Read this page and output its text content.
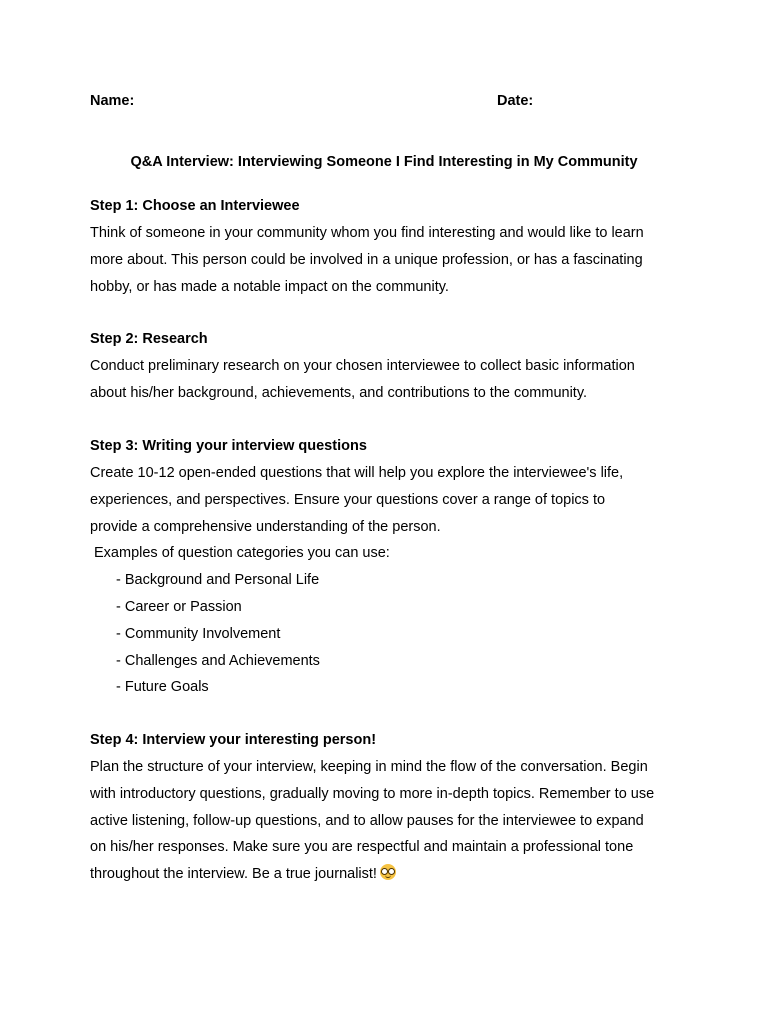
Name:	Date:
Q&A Interview: Interviewing Someone I Find Interesting in My Community
Step 1: Choose an Interviewee
Think of someone in your community whom you find interesting and would like to learn
more about. This person could be involved in a unique profession, or has a fascinating
hobby, or has made a notable impact on the community.
Step 2: Research
Conduct preliminary research on your chosen interviewee to collect basic information
about his/her background, achievements, and contributions to the community.
Step 3: Writing your interview questions
Create 10-12 open-ended questions that will help you explore the interviewee's life,
experiences, and perspectives. Ensure your questions cover a range of topics to
provide a comprehensive understanding of the person.
Examples of question categories you can use:
- Background and Personal Life
- Career or Passion
- Community Involvement
- Challenges and Achievements
- Future Goals
Step 4: Interview your interesting person!
Plan the structure of your interview, keeping in mind the flow of the conversation. Begin
with introductory questions, gradually moving to more in-depth topics. Remember to use
active listening, follow-up questions, and to allow pauses for the interviewee to expand
on his/her responses. Make sure you are respectful and maintain a professional tone
throughout the interview. Be a true journalist!
